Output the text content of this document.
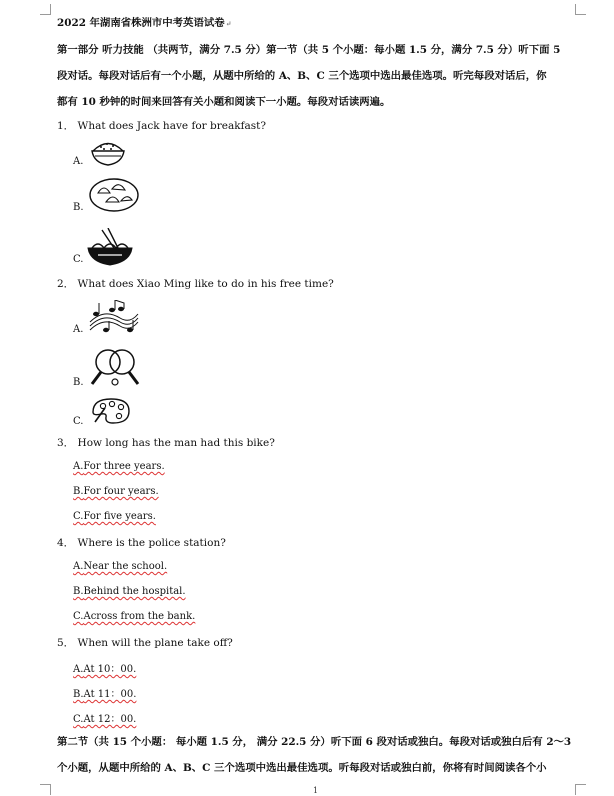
2022 年湖南省株洲市中考英语试卷↵
第一部分 听力技能 （共两节，满分 7.5 分）第一节（共 5 个小题：每小题 1.5 分，满分 7.5 分）听下面 5
段对话。每段对话后有一个小题，从题中所给的 A、B、C 三个选项中选出最佳选项。听完每段对话后，你
都有 10 秒钟的时间来回答有关小题和阅读下一小题。每段对话读两遍。
1． What does Jack have for breakfast?
A.
B.
C.
2． What does Xiao Ming like to do in his free time?
A.
B.
C.
3． How long has the man had this bike?
A.For three years.
B.For four years.
C.For five years.
4． Where is the police station?
A.Near the school.
B.Behind the hospital.
C.Across from the bank.
5． When will the plane take off?
A.At 10：00.
B.At 11：00.
C.At 12：00.
第二节（共 15 个小题： 每小题 1.5 分， 满分 22.5 分）听下面 6 段对话或独白。每段对话或独白后有 2～3
个小题，从题中所给的 A、B、C 三个选项中选出最佳选项。听每段对话或独白前，你将有时间阅读各个小
1
